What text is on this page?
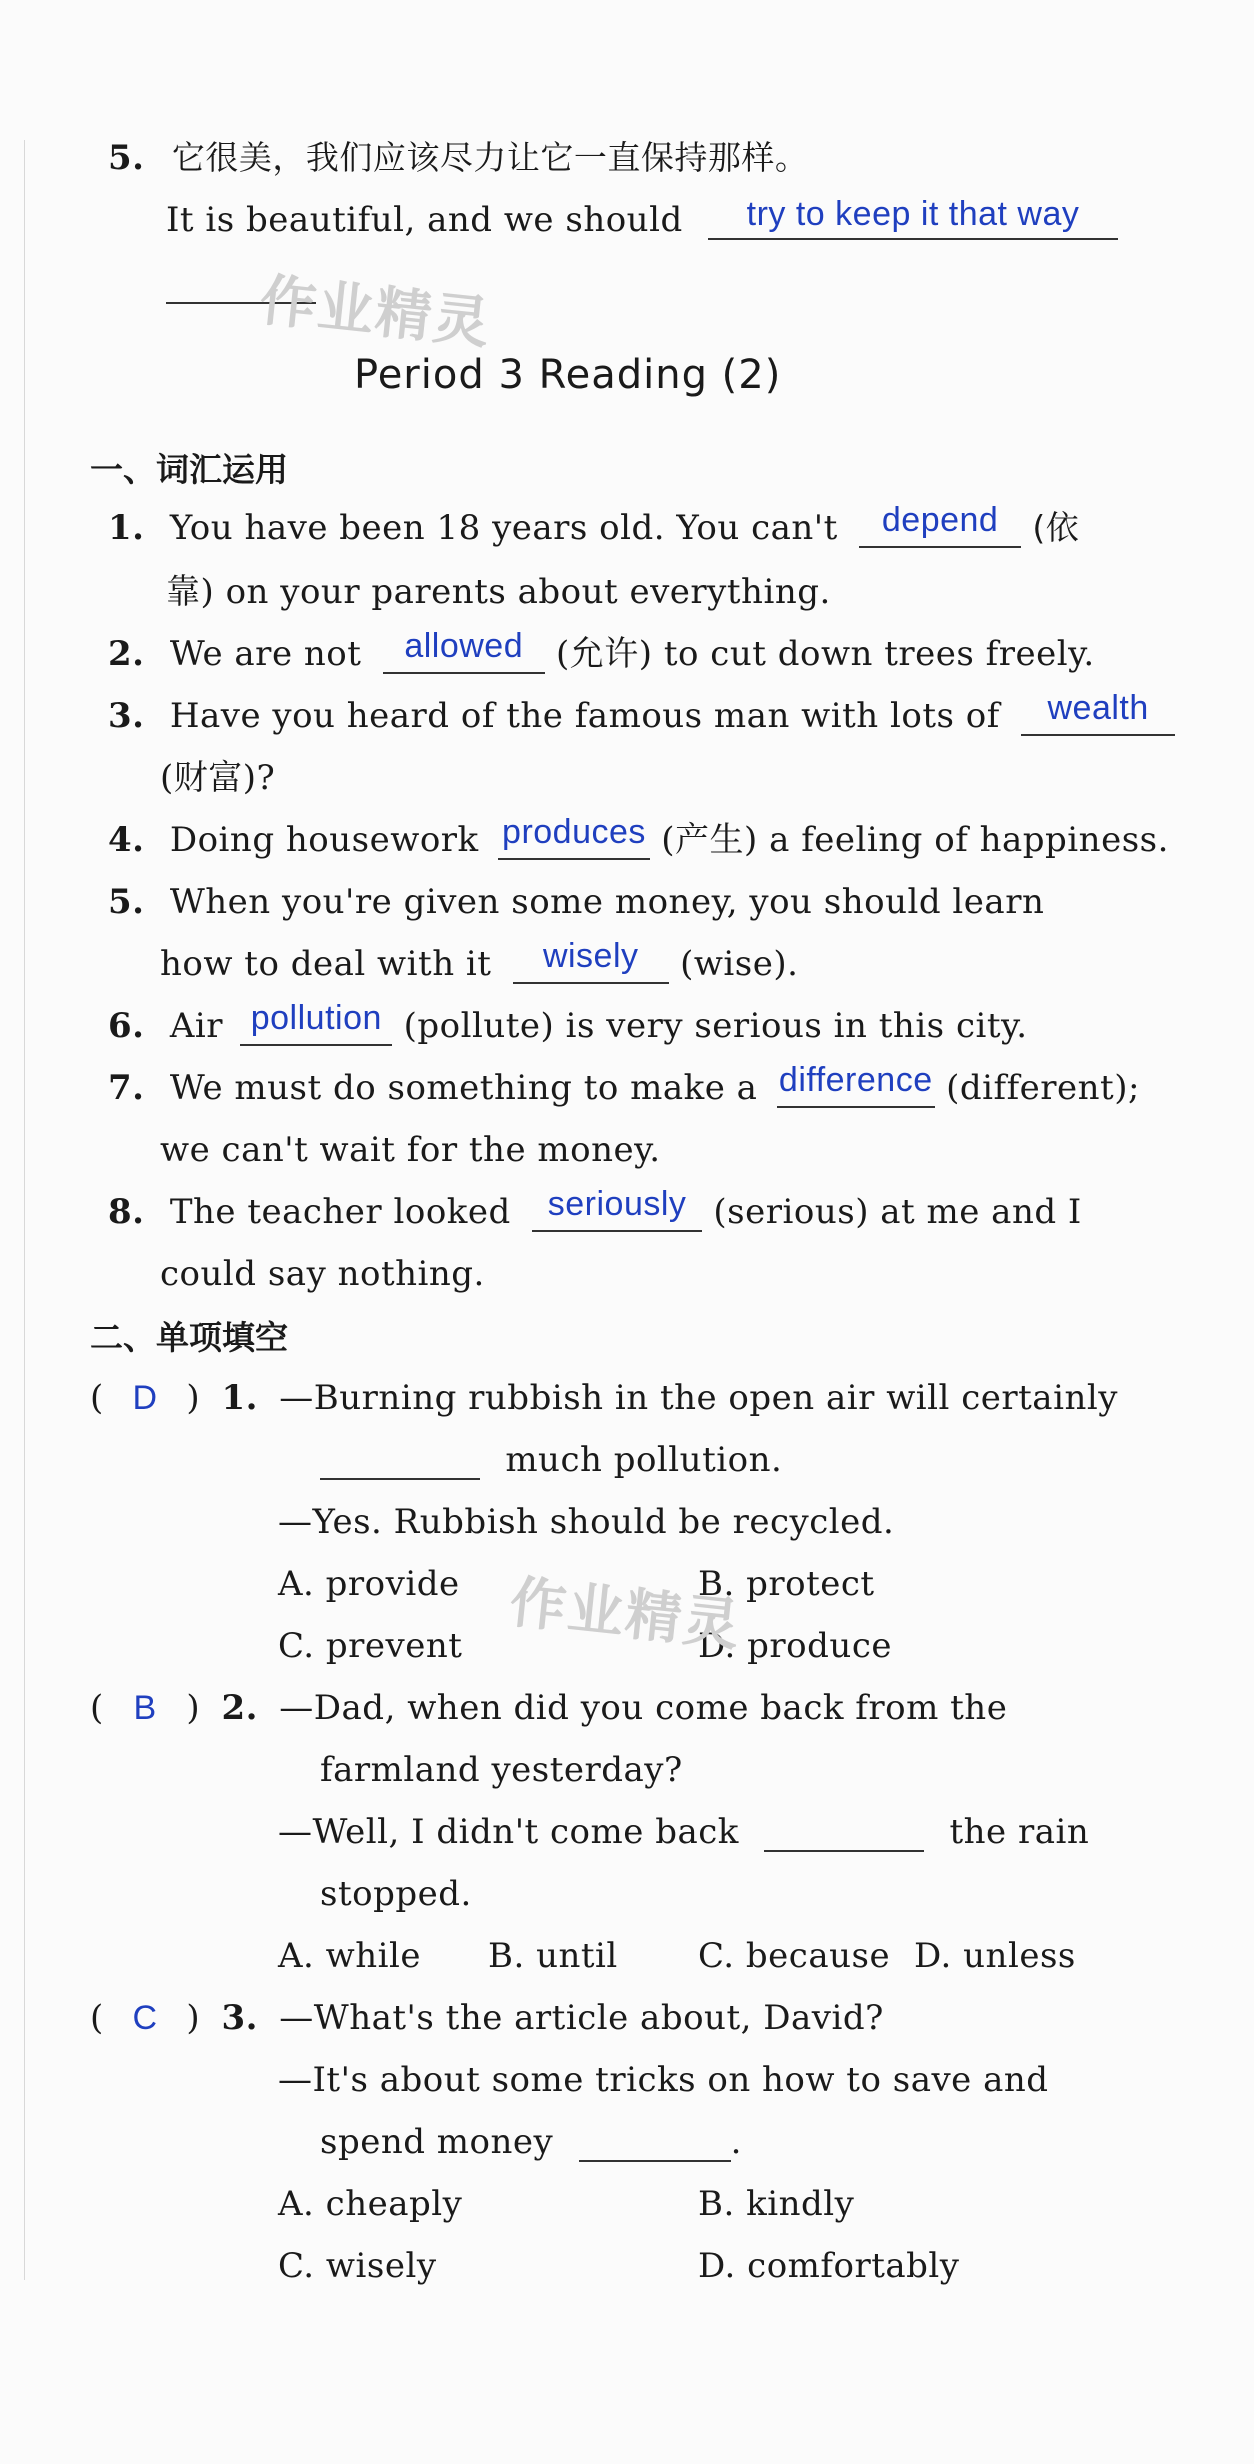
5. 它很美，我们应该尽力让它一直保持那样。
It is beautiful, and we should try to keep it that way
作业精灵
Period 3 Reading (2)
一、词汇运用
1. You have been 18 years old. You can't depend (依
靠) on your parents about everything.
2. We are not allowed (允许) to cut down trees freely.
3. Have you heard of the famous man with lots of wealth
(财富)?
4. Doing housework produces (产生) a feeling of happiness.
5. When you're given some money, you should learn
how to deal with it wisely (wise).
6. Air pollution (pollute) is very serious in this city.
7. We must do something to make a difference (different);
we can't wait for the money.
8. The teacher looked seriously (serious) at me and I
could say nothing.
二、单项填空
( D ) 1. —Burning rubbish in the open air will certainly
much pollution.
—Yes. Rubbish should be recycled.
A. provide	B. protect
C. prevent	D. produce
作业精灵
( B ) 2. —Dad, when did you come back from the
farmland yesterday?
—Well, I didn't come back	the rain
stopped.
A. while B. until C. because D. unless
( C ) 3. —What's the article about, David?
—It's about some tricks on how to save and
spend money	.
A. cheaply	B. kindly
C. wisely	D. comfortably
